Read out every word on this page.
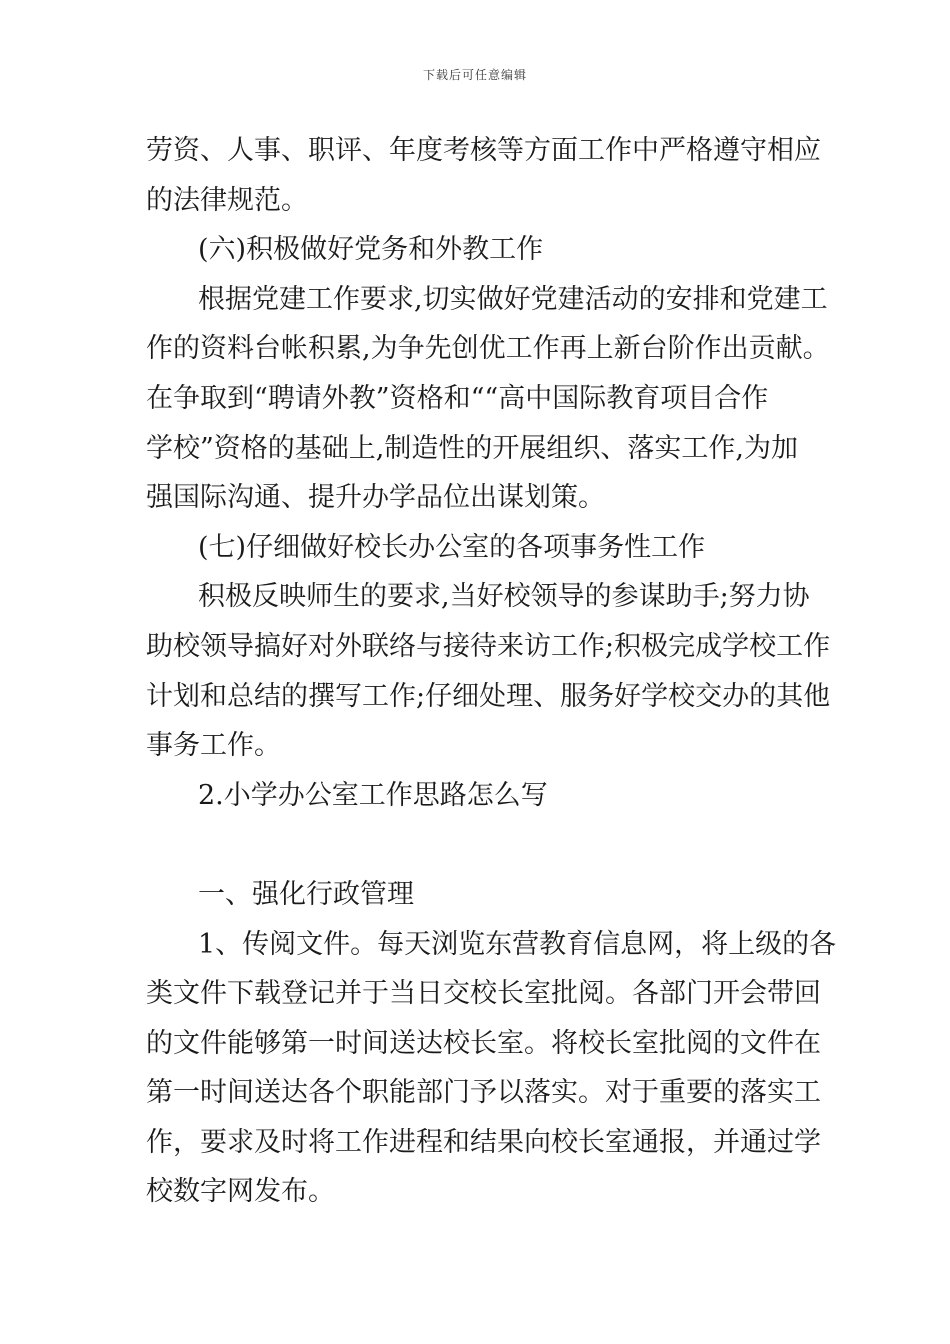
下载后可任意编辑
劳资、人事、职评、年度考核等方面工作中严格遵守相应
的法律规范。
(六)积极做好党务和外教工作
根据党建工作要求,切实做好党建活动的安排和党建工
作的资料台帐积累,为争先创优工作再上新台阶作出贡献。
在争取到“聘请外教”资格和““高中国际教育项目合作
学校”资格的基础上,制造性的开展组织、落实工作,为加
强国际沟通、提升办学品位出谋划策。
(七)仔细做好校长办公室的各项事务性工作
积极反映师生的要求,当好校领导的参谋助手;努力协
助校领导搞好对外联络与接待来访工作;积极完成学校工作
计划和总结的撰写工作;仔细处理、服务好学校交办的其他
事务工作。
2.小学办公室工作思路怎么写
一、强化行政管理
1、传阅文件。每天浏览东营教育信息网，将上级的各
类文件下载登记并于当日交校长室批阅。各部门开会带回
的文件能够第一时间送达校长室。将校长室批阅的文件在
第一时间送达各个职能部门予以落实。对于重要的落实工
作，要求及时将工作进程和结果向校长室通报，并通过学
校数字网发布。
